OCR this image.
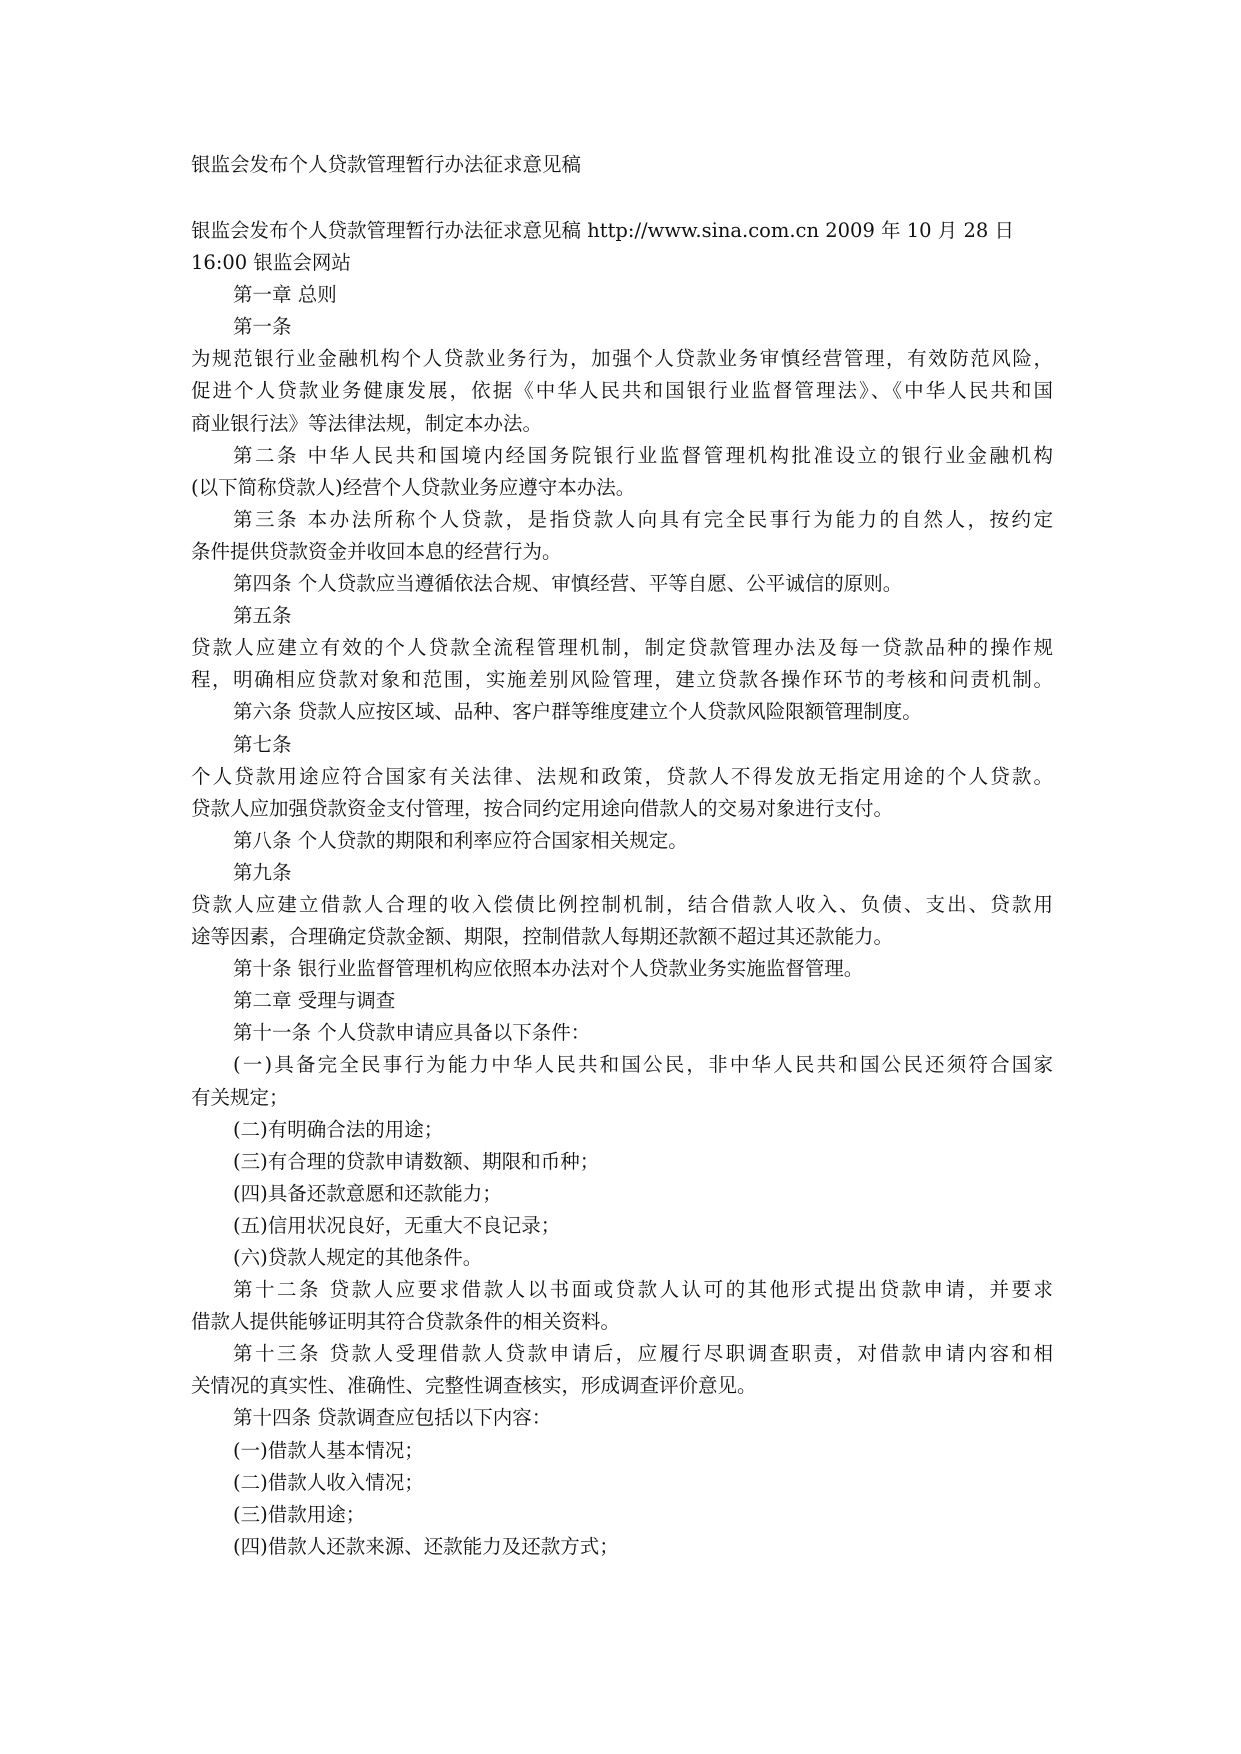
银监会发布个人贷款管理暂行办法征求意见稿
银监会发布个人贷款管理暂行办法征求意见稿 http://www.sina.com.cn 2009 年 10 月 28 日
16:00 银监会网站
第一章 总则
第一条
为规范银行业金融机构个人贷款业务行为，加强个人贷款业务审慎经营管理，有效防范风险，
促进个人贷款业务健康发展，依据《中华人民共和国银行业监督管理法》、《中华人民共和国
商业银行法》等法律法规，制定本办法。
第二条 中华人民共和国境内经国务院银行业监督管理机构批准设立的银行业金融机构
(以下简称贷款人)经营个人贷款业务应遵守本办法。
第三条 本办法所称个人贷款，是指贷款人向具有完全民事行为能力的自然人，按约定
条件提供贷款资金并收回本息的经营行为。
第四条 个人贷款应当遵循依法合规、审慎经营、平等自愿、公平诚信的原则。
第五条
贷款人应建立有效的个人贷款全流程管理机制，制定贷款管理办法及每一贷款品种的操作规
程，明确相应贷款对象和范围，实施差别风险管理，建立贷款各操作环节的考核和问责机制。
第六条 贷款人应按区域、品种、客户群等维度建立个人贷款风险限额管理制度。
第七条
个人贷款用途应符合国家有关法律、法规和政策，贷款人不得发放无指定用途的个人贷款。
贷款人应加强贷款资金支付管理，按合同约定用途向借款人的交易对象进行支付。
第八条 个人贷款的期限和利率应符合国家相关规定。
第九条
贷款人应建立借款人合理的收入偿债比例控制机制，结合借款人收入、负债、支出、贷款用
途等因素，合理确定贷款金额、期限，控制借款人每期还款额不超过其还款能力。
第十条 银行业监督管理机构应依照本办法对个人贷款业务实施监督管理。
第二章 受理与调查
第十一条 个人贷款申请应具备以下条件：
(一)具备完全民事行为能力中华人民共和国公民，非中华人民共和国公民还须符合国家
有关规定；
(二)有明确合法的用途；
(三)有合理的贷款申请数额、期限和币种；
(四)具备还款意愿和还款能力；
(五)信用状况良好，无重大不良记录；
(六)贷款人规定的其他条件。
第十二条 贷款人应要求借款人以书面或贷款人认可的其他形式提出贷款申请，并要求
借款人提供能够证明其符合贷款条件的相关资料。
第十三条 贷款人受理借款人贷款申请后，应履行尽职调查职责，对借款申请内容和相
关情况的真实性、准确性、完整性调查核实，形成调查评价意见。
第十四条 贷款调查应包括以下内容：
(一)借款人基本情况；
(二)借款人收入情况；
(三)借款用途；
(四)借款人还款来源、还款能力及还款方式；
